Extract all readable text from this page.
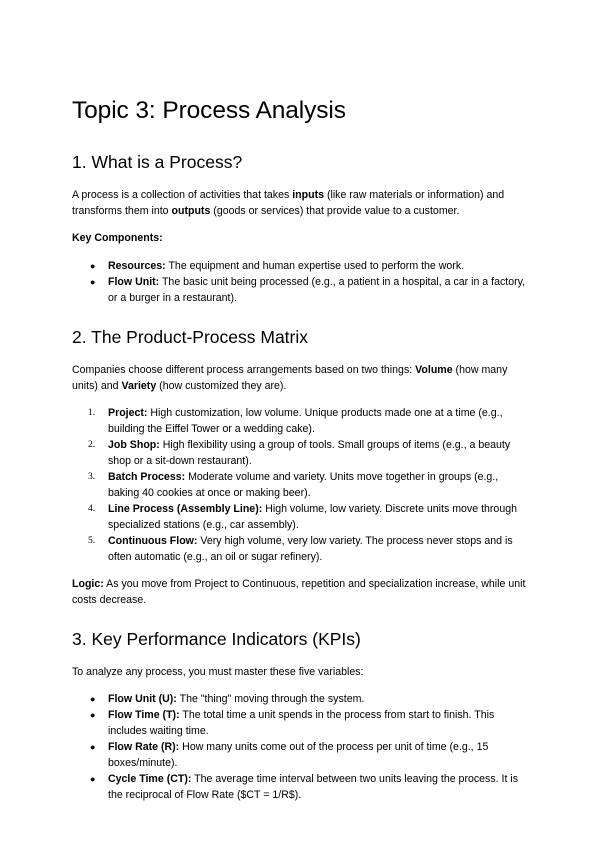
Topic 3: Process Analysis
1. What is a Process?

A process is a collection of activities that takes inputs (like raw materials or information) and transforms them into outputs (goods or services) that provide value to a customer.

Key Components:

● Resources: The equipment and human expertise used to perform the work.
● Flow Unit: The basic unit being processed (e.g., a patient in a hospital, a car in a factory, or a burger in a restaurant).
2. The Product-Process Matrix

Companies choose different process arrangements based on two things: Volume (how many units) and Variety (how customized they are).

1. Project: High customization, low volume. Unique products made one at a time (e.g., building the Eiffel Tower or a wedding cake).
2. Job Shop: High flexibility using a group of tools. Small groups of items (e.g., a beauty shop or a sit-down restaurant).
3. Batch Process: Moderate volume and variety. Units move together in groups (e.g., baking 40 cookies at once or making beer).
4. Line Process (Assembly Line): High volume, low variety. Discrete units move through specialized stations (e.g., car assembly).
5. Continuous Flow: Very high volume, very low variety. The process never stops and is often automatic (e.g., an oil or sugar refinery).

Logic: As you move from Project to Continuous, repetition and specialization increase, while unit costs decrease.

3. Key Performance Indicators (KPIs)

To analyze any process, you must master these five variables:

● Flow Unit (U): The "thing" moving through the system.
● Flow Time (T): The total time a unit spends in the process from start to finish. This includes waiting time.
● Flow Rate (R): How many units come out of the process per unit of time (e.g., 15 boxes/minute).
● Cycle Time (CT): The average time interval between two units leaving the process. It is the reciprocal of Flow Rate ($CT = 1/R$).
